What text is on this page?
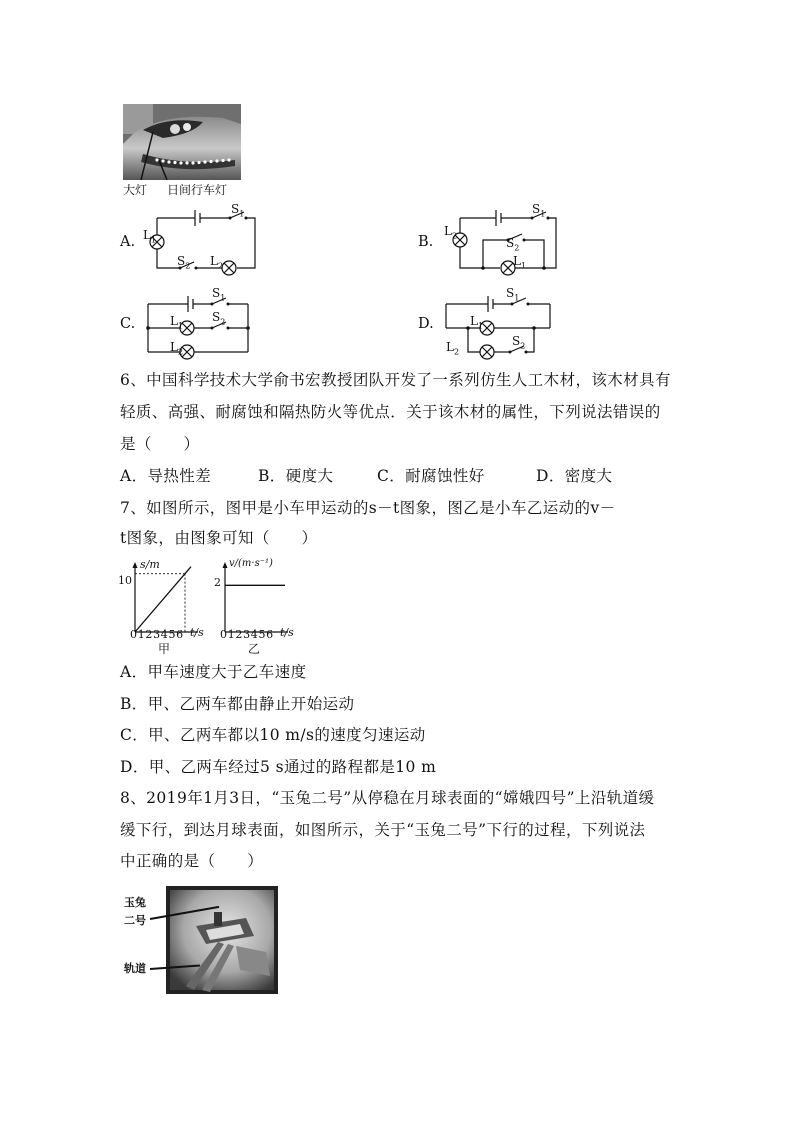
大灯 日间行车灯
A.
$S_1$
$L_1$
$S_2$ $L_2$
B.
$S_1$
$L_2$
$S_2$
$L_1$
C.
$S_1$
$L_1$
$S_2$
$L_2$
D.
$S_1$
$L_1$
$L_2$
$S_2$
6、中国科学技术大学俞书宏教授团队开发了一系列仿生人工木材，该木材具有
轻质、高强、耐腐蚀和隔热防火等优点．关于该木材的属性，下列说法错误的
是（　　）
A．导热性差	B．硬度大	C．耐腐蚀性好	D．密度大
7、如图所示，图甲是小车甲运动的s－t图象，图乙是小车乙运动的v－
t图象，由图象可知（　　）
s/m
10
0 1 2 3 4 5 6 t/s
甲
v/(m·s⁻¹)
2
0 1 2 3 4 5 6 t/s
乙
A．甲车速度大于乙车速度
B．甲、乙两车都由静止开始运动
C．甲、乙两车都以10 m/s的速度匀速运动
D．甲、乙两车经过5 s通过的路程都是10 m
8、2019年1月3日，“玉兔二号”从停稳在月球表面的“嫦娥四号”上沿轨道缓
缓下行，到达月球表面，如图所示，关于“玉兔二号”下行的过程，下列说法
中正确的是（　　）
玉兔
二号
轨道
